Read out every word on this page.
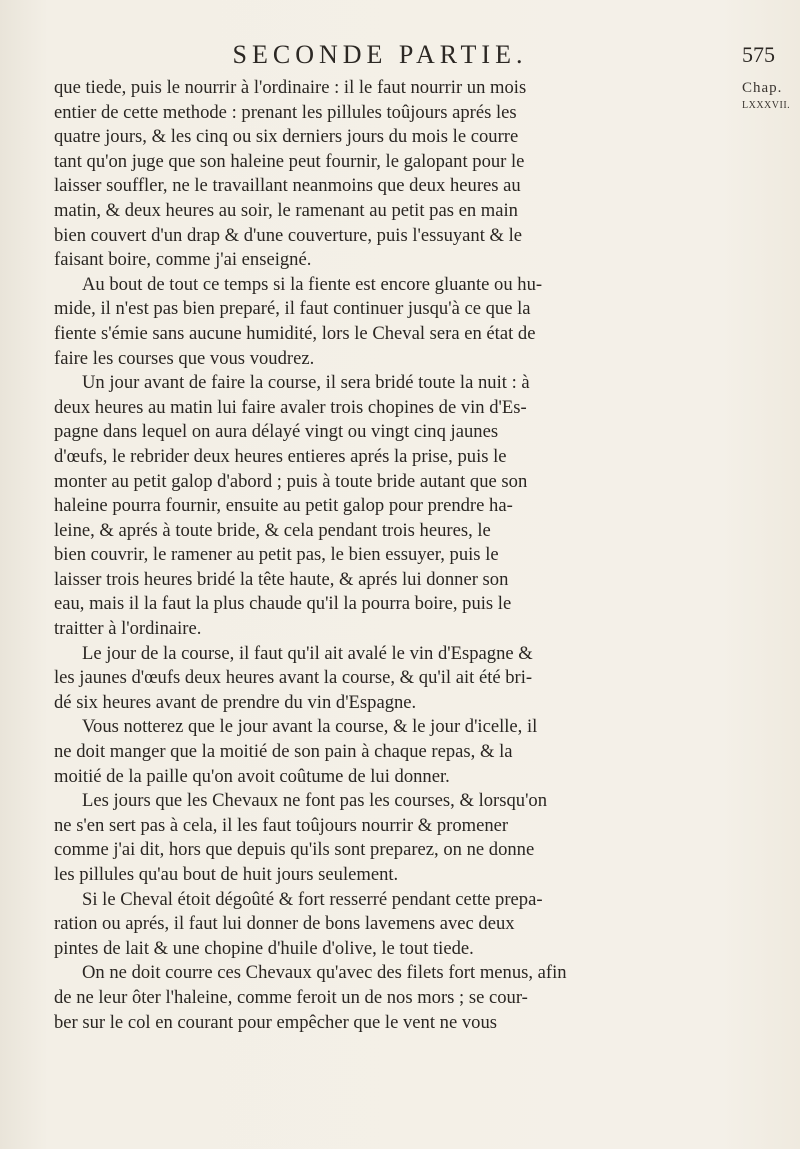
SECONDE PARTIE.	575
Chap.
LXXXVII.
que tiede, puis le nourrir à l'ordinaire : il le faut nourrir un mois
entier de cette methode : prenant les pillules toûjours aprés les
quatre jours, & les cinq ou six derniers jours du mois le courre
tant qu'on juge que son haleine peut fournir, le galopant pour le
laisser souffler, ne le travaillant neanmoins que deux heures au
matin, & deux heures au soir, le ramenant au petit pas en main
bien couvert d'un drap & d'une couverture, puis l'essuyant & le
faisant boire, comme j'ai enseigné.
Au bout de tout ce temps si la fiente est encore gluante ou hu-
mide, il n'est pas bien preparé, il faut continuer jusqu'à ce que la
fiente s'émie sans aucune humidité, lors le Cheval sera en état de
faire les courses que vous voudrez.
Un jour avant de faire la course, il sera bridé toute la nuit : à
deux heures au matin lui faire avaler trois chopines de vin d'Es-
pagne dans lequel on aura délayé vingt ou vingt cinq jaunes
d'œufs, le rebrider deux heures entieres aprés la prise, puis le
monter au petit galop d'abord ; puis à toute bride autant que son
haleine pourra fournir, ensuite au petit galop pour prendre ha-
leine, & aprés à toute bride, & cela pendant trois heures, le
bien couvrir, le ramener au petit pas, le bien essuyer, puis le
laisser trois heures bridé la tête haute, & aprés lui donner son
eau, mais il la faut la plus chaude qu'il la pourra boire, puis le
traitter à l'ordinaire.
Le jour de la course, il faut qu'il ait avalé le vin d'Espagne &
les jaunes d'œufs deux heures avant la course, & qu'il ait été bri-
dé six heures avant de prendre du vin d'Espagne.
Vous notterez que le jour avant la course, & le jour d'icelle, il
ne doit manger que la moitié de son pain à chaque repas, & la
moitié de la paille qu'on avoit coûtume de lui donner.
Les jours que les Chevaux ne font pas les courses, & lorsqu'on
ne s'en sert pas à cela, il les faut toûjours nourrir & promener
comme j'ai dit, hors que depuis qu'ils sont preparez, on ne donne
les pillules qu'au bout de huit jours seulement.
Si le Cheval étoit dégoûté & fort resserré pendant cette prepa-
ration ou aprés, il faut lui donner de bons lavemens avec deux
pintes de lait & une chopine d'huile d'olive, le tout tiede.
On ne doit courre ces Chevaux qu'avec des filets fort menus, afin
de ne leur ôter l'haleine, comme feroit un de nos mors ; se cour-
ber sur le col en courant pour empêcher que le vent ne vous
